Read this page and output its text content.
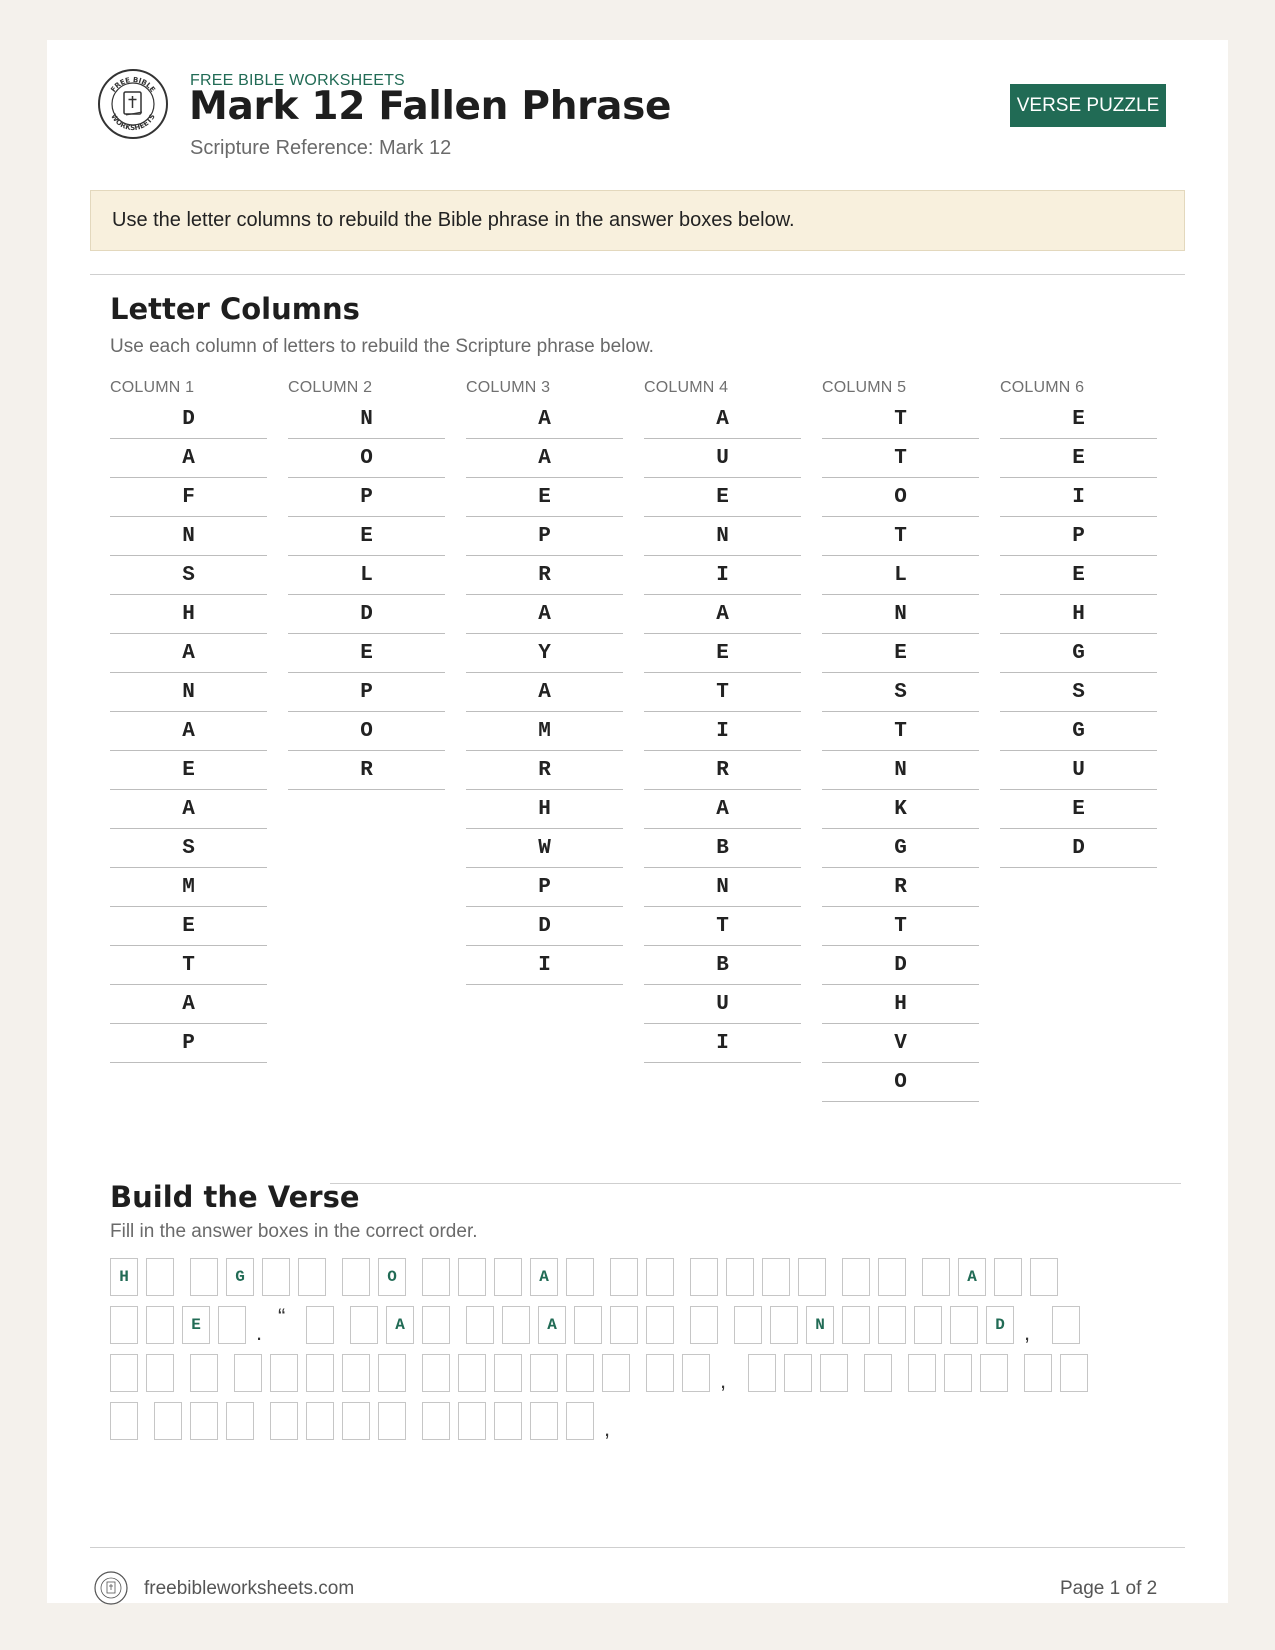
FREE BIBLE
WORKSHEETS
FREE BIBLE WORKSHEETS
Mark 12 Fallen Phrase
Scripture Reference: Mark 12
VERSE PUZZLE
Use the letter columns to rebuild the Bible phrase in the answer boxes below.
Letter Columns
Use each column of letters to rebuild the Scripture phrase below.
COLUMN 1
D
A
F
N
S
H
A
N
A
E
A
S
M
E
T
A
P
COLUMN 2
N
O
P
E
L
D
E
P
O
R
COLUMN 3
A
A
E
P
R
A
Y
A
M
R
H
W
P
D
I
COLUMN 4
A
U
E
N
I
A
E
T
I
R
A
B
N
T
B
U
I
COLUMN 5
T
T
O
T
L
N
E
S
T
N
K
G
R
T
D
H
V
O
COLUMN 6
E
E
I
P
E
H
G
S
G
U
E
D
Build the Verse
Fill in the answer boxes in the correct order.
H	G	O	A	A
E	.
“	A	A	N	D ,
,
,
freebibleworksheets.com	Page 1 of 2
